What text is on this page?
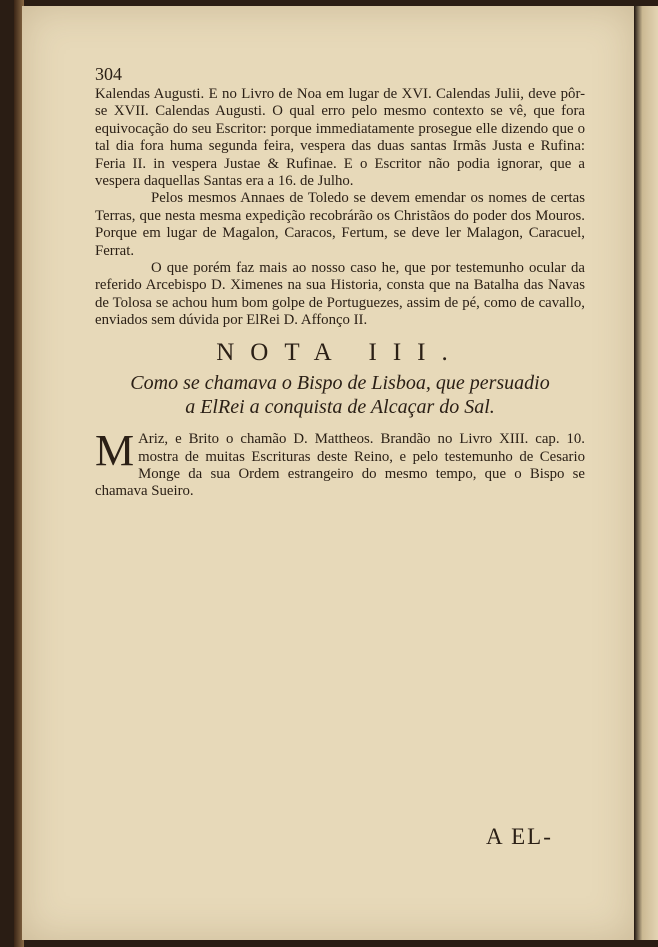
304

Kalendas Augusti. E no Livro de Noa em lugar de XVI. Calendas Julii, deve pôr-se XVII. Calendas Augusti. O qual erro pelo mesmo contexto se vê, que fora equivocação do seu Escritor: porque immediatamente prosegue elle dizendo que o tal dia fora huma segunda feira, vespera das duas santas Irmãs Justa e Rufina: Feria II. in vespera Justae & Rufinae. E o Escritor não podia ignorar, que a vespera daquellas Santas era a 16. de Julho.

Pelos mesmos Annaes de Toledo se devem emendar os nomes de certas Terras, que nesta mesma expedição recobrárão os Christãos do poder dos Mouros. Porque em lugar de Magalon, Caracos, Fertum, se deve ler Malagon, Caracuel, Ferrat.

O que porém faz mais ao nosso caso he, que por testemunho ocular da referido Arcebispo D. Ximenes na sua Historia, consta que na Batalha das Navas de Tolosa se achou hum bom golpe de Portuguezes, assim de pé, como de cavallo, enviados sem dúvida por ElRei D. Affonço II.

NOTA III.
Como se chamava o Bispo de Lisboa, que persuadio
a ElRei a conquista de Alcaçar do Sal.

M Ariz, e Brito o chamão D. Mattheos. Brandão no Livro XIII. cap. 10. mostra de muitas Escrituras deste Reino, e pelo testemunho de Cesario Monge da sua Ordem estrangeiro do mesmo tempo, que o Bispo se chamava Sueiro.

A EL-
